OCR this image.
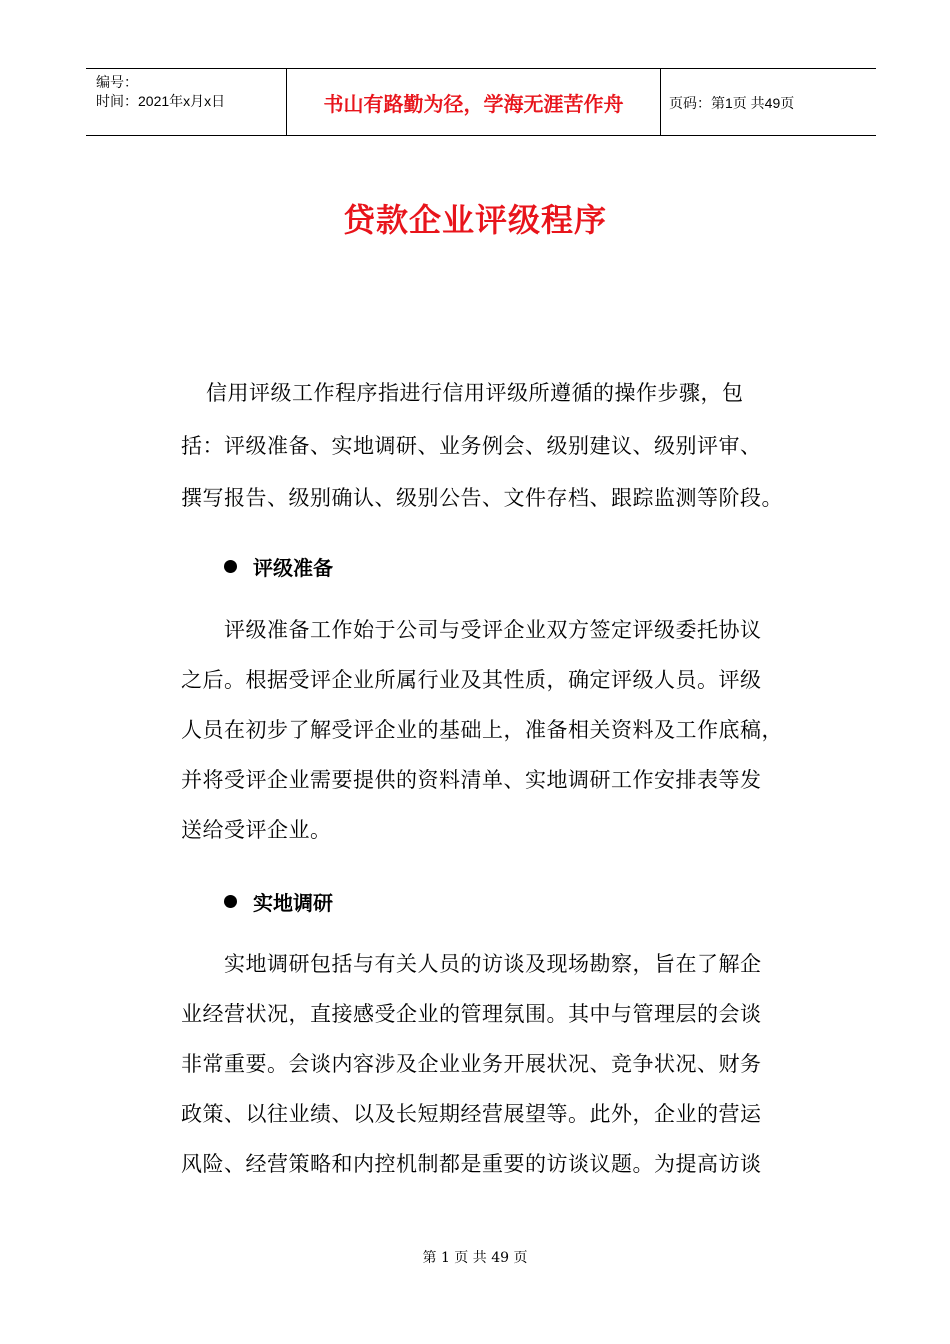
编号：
时间：2021年x月x日	书山有路勤为径，学海无涯苦作舟	页码：第1页 共49页
贷款企业评级程序
信用评级工作程序指进行信用评级所遵循的操作步骤，包
括：评级准备、实地调研、业务例会、级别建议、级别评审、
撰写报告、级别确认、级别公告、文件存档、跟踪监测等阶段。
评级准备
评级准备工作始于公司与受评企业双方签定评级委托协议
之后。根据受评企业所属行业及其性质，确定评级人员。评级
人员在初步了解受评企业的基础上，准备相关资料及工作底稿，
并将受评企业需要提供的资料清单、实地调研工作安排表等发
送给受评企业。
实地调研
实地调研包括与有关人员的访谈及现场勘察，旨在了解企
业经营状况，直接感受企业的管理氛围。其中与管理层的会谈
非常重要。会谈内容涉及企业业务开展状况、竞争状况、财务
政策、以往业绩、以及长短期经营展望等。此外，企业的营运
风险、经营策略和内控机制都是重要的访谈议题。为提高访谈
第 1 页 共 49 页
